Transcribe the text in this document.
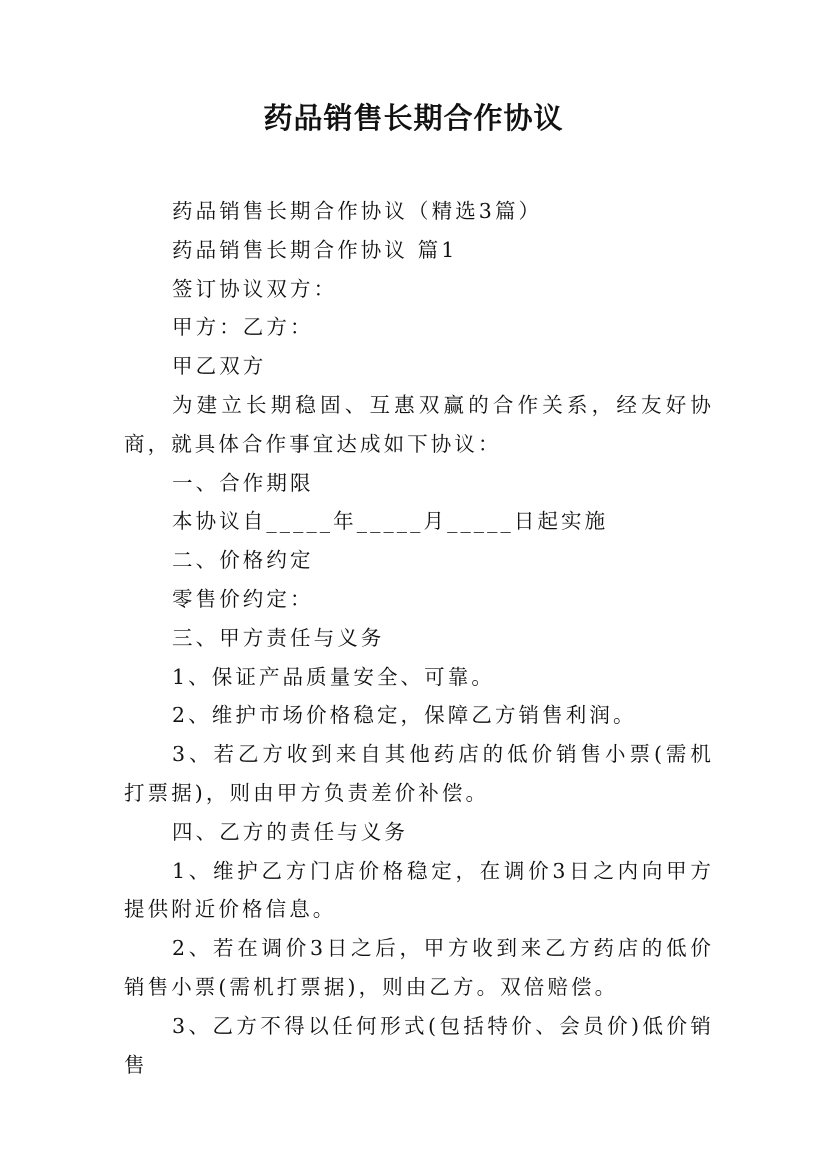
药品销售长期合作协议

药品销售长期合作协议（精选3篇）

药品销售长期合作协议 篇1

签订协议双方：

甲方：乙方：

甲乙双方

为建立长期稳固、互惠双赢的合作关系，经友好协商，就具体合作事宜达成如下协议：

一、合作期限

本协议自_____年_____月_____日起实施

二、价格约定

零售价约定：

三、甲方责任与义务

1、保证产品质量安全、可靠。

2、维护市场价格稳定，保障乙方销售利润。

3、若乙方收到来自其他药店的低价销售小票(需机打票据)，则由甲方负责差价补偿。

四、乙方的责任与义务

1、维护乙方门店价格稳定，在调价3日之内向甲方提供附近价格信息。

2、若在调价3日之后，甲方收到来乙方药店的低价销售小票(需机打票据)，则由乙方。双倍赔偿。

3、乙方不得以任何形式(包括特价、会员价)低价销售
